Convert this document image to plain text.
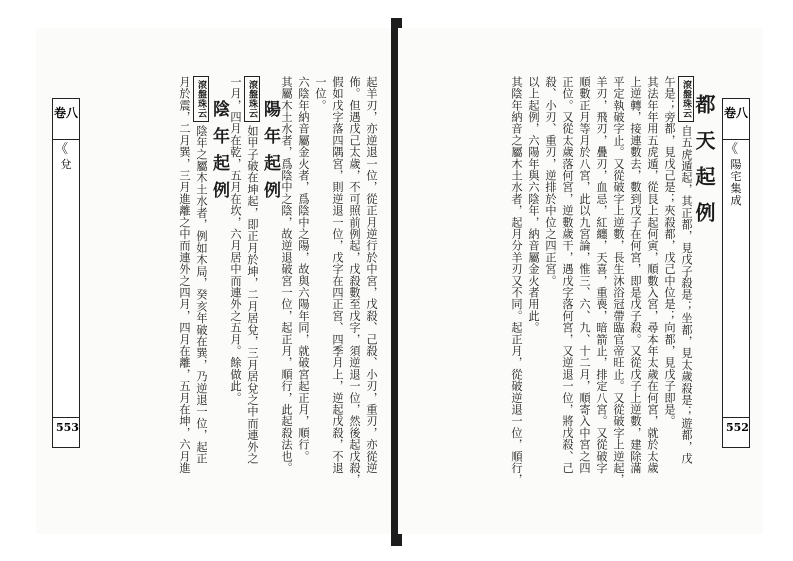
卷八
《
兌
553	起羊刃，亦逆退一位，從正月逆行於中宮，戊殺、己殺、小刃，重刃，亦從逆
佈。但遇戊己太歲，不可照前例起，戊殺數至戊字，須逆退一位，然後起戊殺，
假如戊字落四隅宮，則逆退一位，戊字在四正宮、四季月上，逆起戊殺，不退
一位。
六陰年納音屬金火者，爲陰中之陽，故與六陽年同，就破宮起正月，順行。
其屬木土水者，爲陰中之陰，故逆退破宮一位，起正月，順行，此起殺法也。
陽年起例
滾盤珠云如甲子破在坤起，即正月於坤，二月居兌，三月居兌之中而連外之
一月，四月在乾，五月在坎，六月居中而連外之五月。餘做此。
陰年起例
滾盤珠云陰年之屬木土水者，例如木局，癸亥年破在巽，乃逆退一位，起正
月於震，二月巽，三月進離之中而連外之四月，四月在離，五月在坤，六月進	都天起例
滾盤珠云自五虎遁起，其正都，見戊子殺是；坐都，見太歲殺是；遊都，戊
午是；旁都，見戊己是；夾殺都，戊己中位是；向都，見戊子即是。
其法年年用五虎遁，從艮上起何寅，順數入宮，尋本年太歲在何宮，就於太歲
上逆轉，接連數去，數到戊子在何宮，即是戊子殺。又從戊子上逆數，建除滿
平定執破字止。又從破字上逆數，長生沐浴冠帶臨官帝旺止。又從破字上逆起，
羊刃，飛刃，疊刃，血忌，紅纏，天喜，重喪，暗箭止，排定八宮。又從破字
順數正月等月於八宮，此以九宮論，惟三、六、九、十二月，順寄入中宮之四
正位。又從太歲落何宮，逆數歲干，遇戊字落何宮，又逆退一位，將戊殺、己
殺、小刃、重刃，逆排於中位之四正宮。
以上起例，六陽年與六陰年，納音屬金火者用此。
其陰年納音之屬木土水者，起月分羊刃又不同。起正月，從破逆退一位，順行，	卷八
《
陽宅集成
552
